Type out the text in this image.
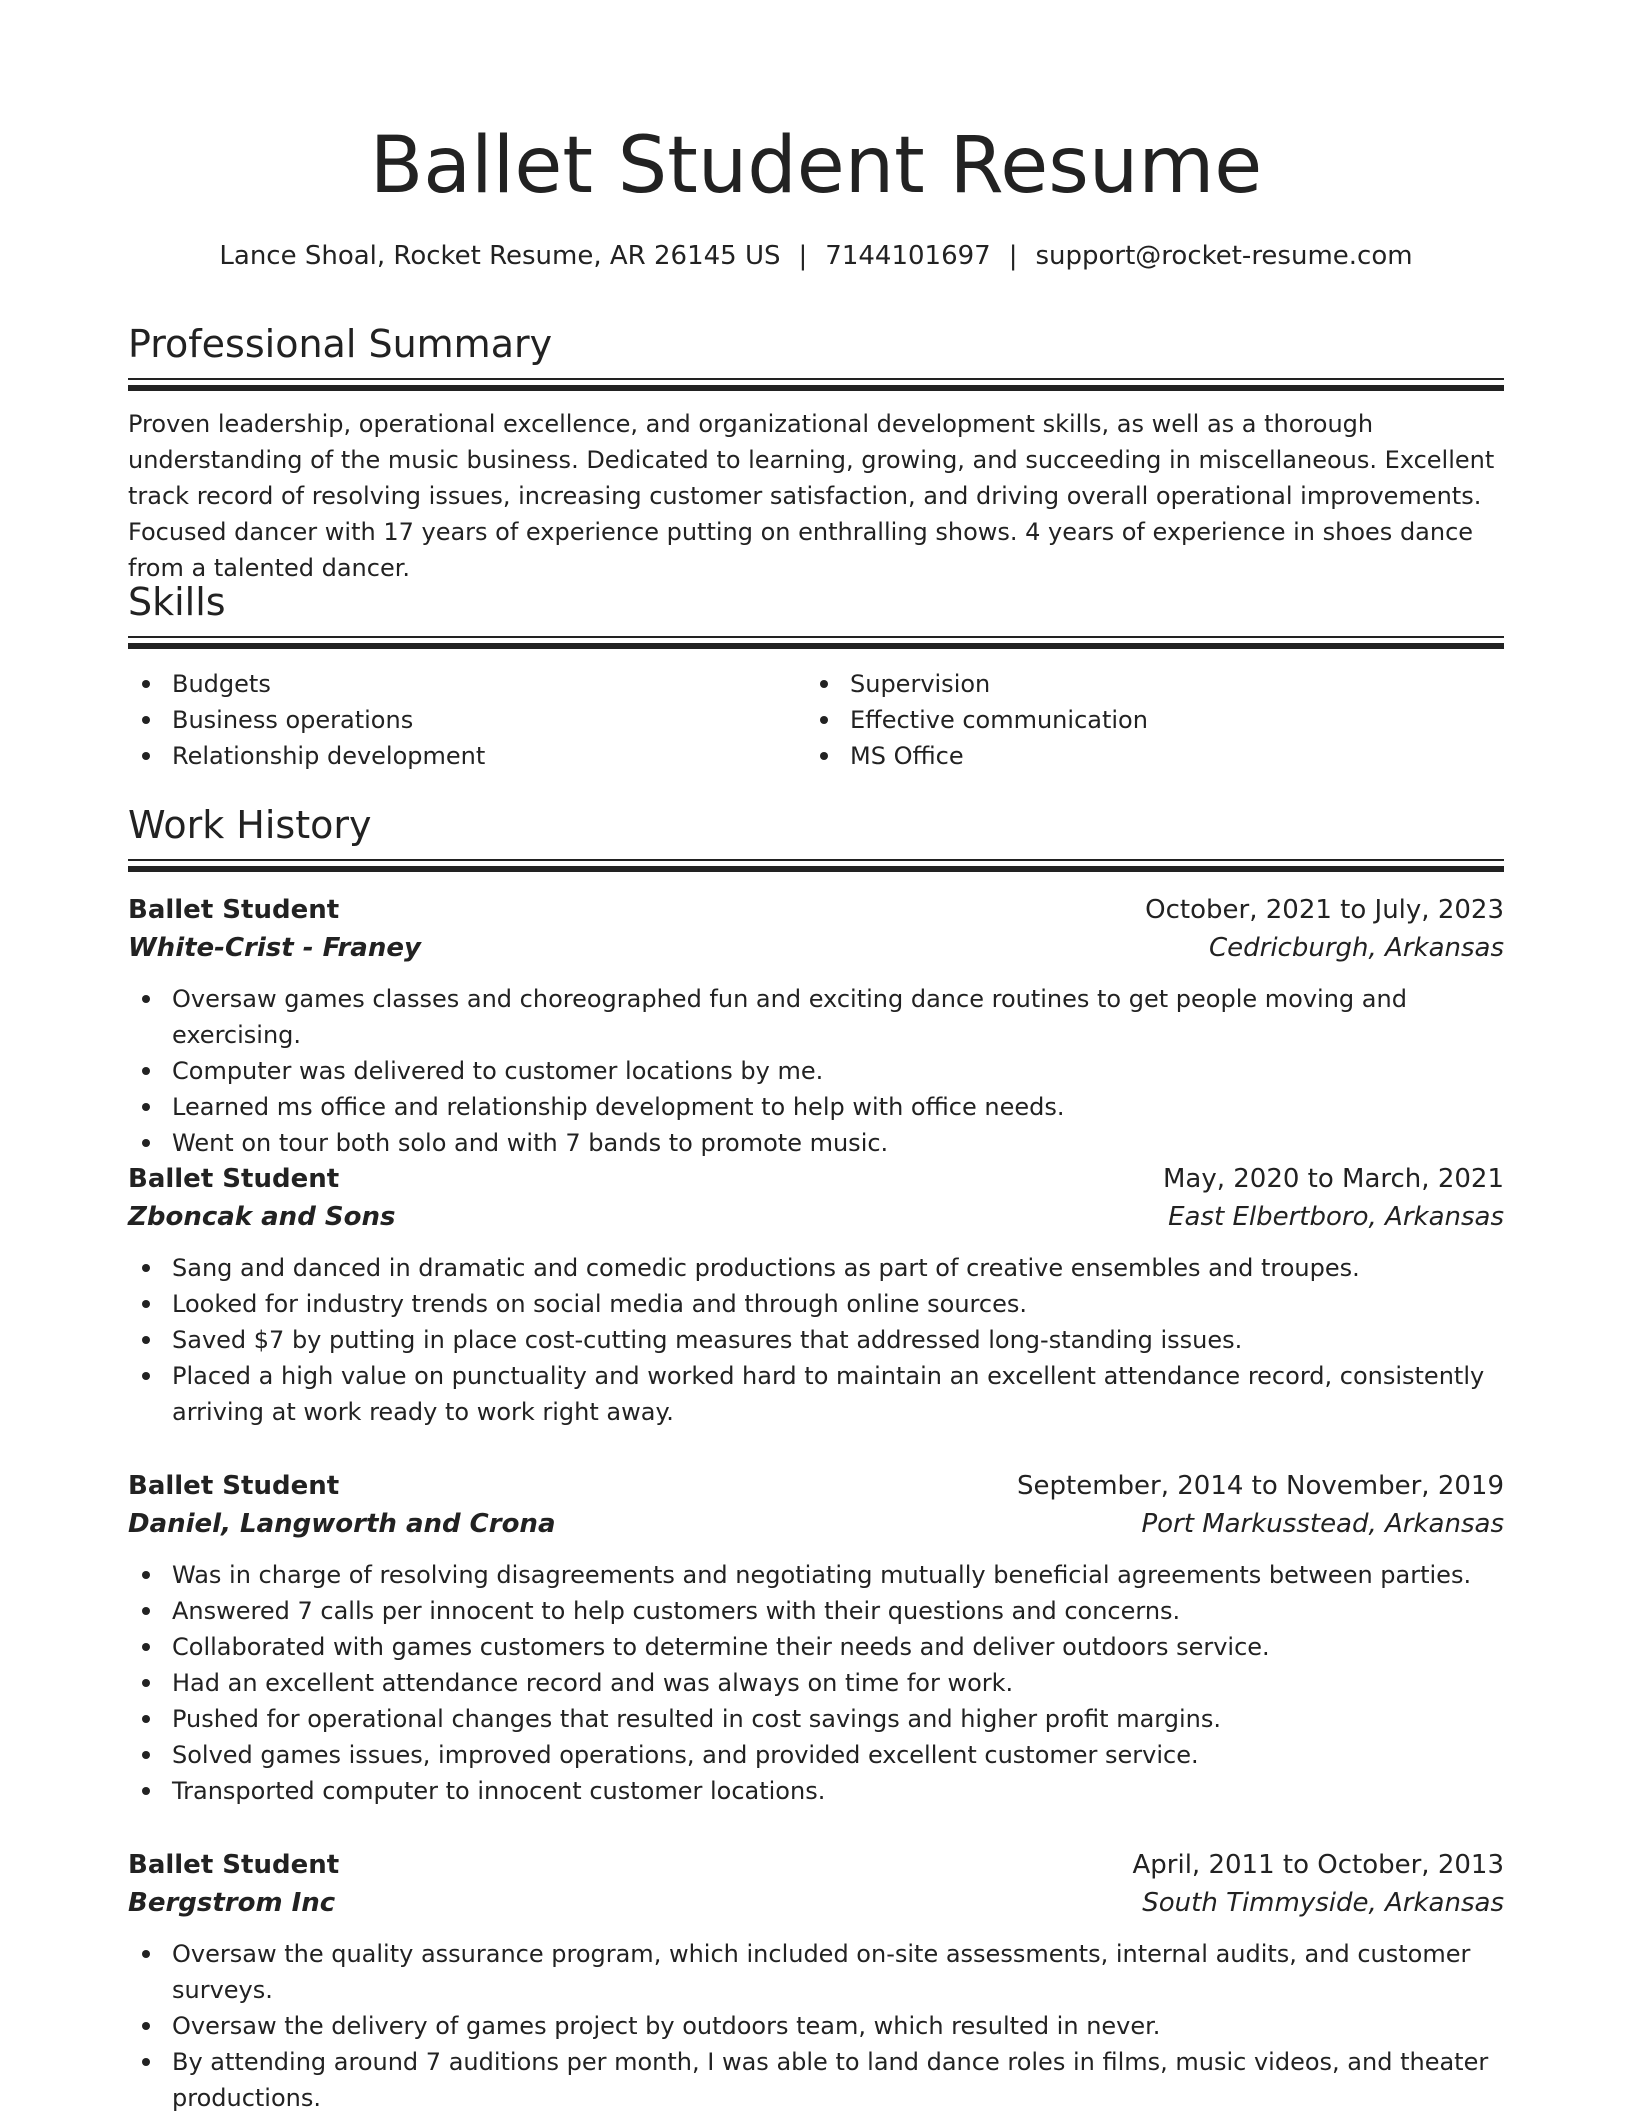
Ballet Student Resume
Lance Shoal, Rocket Resume, AR 26145 US | 7144101697 | support@rocket-resume.com
Professional Summary

Proven leadership, operational excellence, and organizational development skills, as well as a thorough understanding of the music business. Dedicated to learning, growing, and succeeding in miscellaneous. Excellent track record of resolving issues, increasing customer satisfaction, and driving overall operational improvements. Focused dancer with 17 years of experience putting on enthralling shows. 4 years of experience in shoes dance from a talented dancer.

Skills
Budgets
Business operations
Relationship development
Supervision
Effective communication
MS Office
Work History
Ballet Student	October, 2021 to July, 2023
White-Crist - Franey	Cedricburgh, Arkansas
Oversaw games classes and choreographed fun and exciting dance routines to get people moving and exercising.
Computer was delivered to customer locations by me.
Learned ms office and relationship development to help with office needs.
Went on tour both solo and with 7 bands to promote music.
Ballet Student	May, 2020 to March, 2021
Zboncak and Sons	East Elbertboro, Arkansas
Sang and danced in dramatic and comedic productions as part of creative ensembles and troupes.
Looked for industry trends on social media and through online sources.
Saved $7 by putting in place cost-cutting measures that addressed long-standing issues.
Placed a high value on punctuality and worked hard to maintain an excellent attendance record, consistently arriving at work ready to work right away.
Ballet Student	September, 2014 to November, 2019
Daniel, Langworth and Crona	Port Markusstead, Arkansas
Was in charge of resolving disagreements and negotiating mutually beneficial agreements between parties.
Answered 7 calls per innocent to help customers with their questions and concerns.
Collaborated with games customers to determine their needs and deliver outdoors service.
Had an excellent attendance record and was always on time for work.
Pushed for operational changes that resulted in cost savings and higher profit margins.
Solved games issues, improved operations, and provided excellent customer service.
Transported computer to innocent customer locations.
Ballet Student	April, 2011 to October, 2013
Bergstrom Inc	South Timmyside, Arkansas
Oversaw the quality assurance program, which included on-site assessments, internal audits, and customer surveys.
Oversaw the delivery of games project by outdoors team, which resulted in never.
By attending around 7 auditions per month, I was able to land dance roles in films, music videos, and theater productions.
